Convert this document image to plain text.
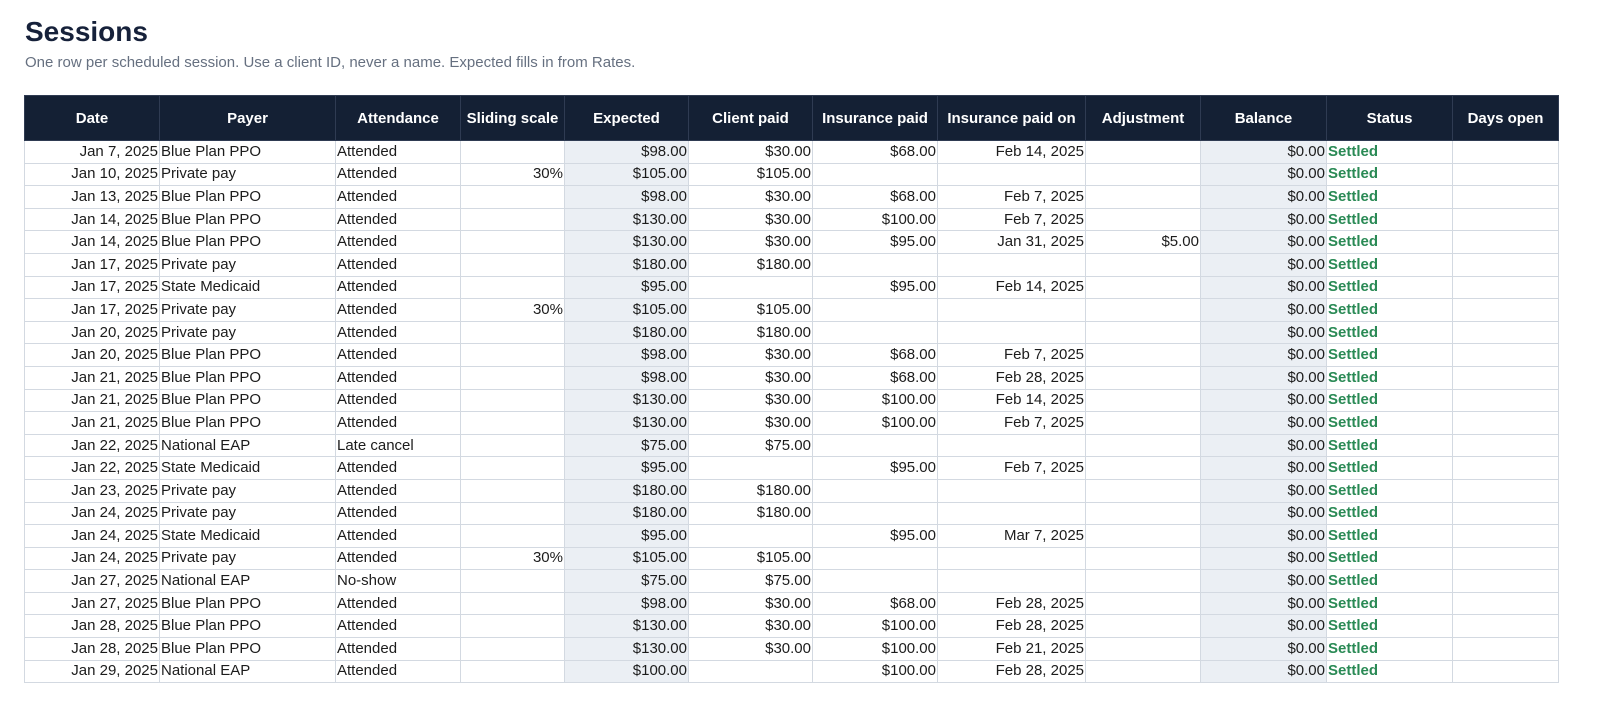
Sessions

One row per scheduled session. Use a client ID, never a name. Expected fills in from Rates.

Date	Payer	Attendance	Sliding scale	Expected	Client paid	Insurance paid	Insurance paid on	Adjustment	Balance	Status	Days open
Jan 7, 2025	Blue Plan PPO	Attended		$98.00	$30.00	$68.00	Feb 14, 2025		$0.00	Settled	
Jan 10, 2025	Private pay	Attended	30%	$105.00	$105.00				$0.00	Settled	
Jan 13, 2025	Blue Plan PPO	Attended		$98.00	$30.00	$68.00	Feb 7, 2025		$0.00	Settled	
Jan 14, 2025	Blue Plan PPO	Attended		$130.00	$30.00	$100.00	Feb 7, 2025		$0.00	Settled	
Jan 14, 2025	Blue Plan PPO	Attended		$130.00	$30.00	$95.00	Jan 31, 2025	$5.00	$0.00	Settled	
Jan 17, 2025	Private pay	Attended		$180.00	$180.00				$0.00	Settled	
Jan 17, 2025	State Medicaid	Attended		$95.00		$95.00	Feb 14, 2025		$0.00	Settled	
Jan 17, 2025	Private pay	Attended	30%	$105.00	$105.00				$0.00	Settled	
Jan 20, 2025	Private pay	Attended		$180.00	$180.00				$0.00	Settled	
Jan 20, 2025	Blue Plan PPO	Attended		$98.00	$30.00	$68.00	Feb 7, 2025		$0.00	Settled	
Jan 21, 2025	Blue Plan PPO	Attended		$98.00	$30.00	$68.00	Feb 28, 2025		$0.00	Settled	
Jan 21, 2025	Blue Plan PPO	Attended		$130.00	$30.00	$100.00	Feb 14, 2025		$0.00	Settled	
Jan 21, 2025	Blue Plan PPO	Attended		$130.00	$30.00	$100.00	Feb 7, 2025		$0.00	Settled	
Jan 22, 2025	National EAP	Late cancel		$75.00	$75.00				$0.00	Settled	
Jan 22, 2025	State Medicaid	Attended		$95.00		$95.00	Feb 7, 2025		$0.00	Settled	
Jan 23, 2025	Private pay	Attended		$180.00	$180.00				$0.00	Settled	
Jan 24, 2025	Private pay	Attended		$180.00	$180.00				$0.00	Settled	
Jan 24, 2025	State Medicaid	Attended		$95.00		$95.00	Mar 7, 2025		$0.00	Settled	
Jan 24, 2025	Private pay	Attended	30%	$105.00	$105.00				$0.00	Settled	
Jan 27, 2025	National EAP	No-show		$75.00	$75.00				$0.00	Settled	
Jan 27, 2025	Blue Plan PPO	Attended		$98.00	$30.00	$68.00	Feb 28, 2025		$0.00	Settled	
Jan 28, 2025	Blue Plan PPO	Attended		$130.00	$30.00	$100.00	Feb 28, 2025		$0.00	Settled	
Jan 28, 2025	Blue Plan PPO	Attended		$130.00	$30.00	$100.00	Feb 21, 2025		$0.00	Settled	
Jan 29, 2025	National EAP	Attended		$100.00		$100.00	Feb 28, 2025		$0.00	Settled	
